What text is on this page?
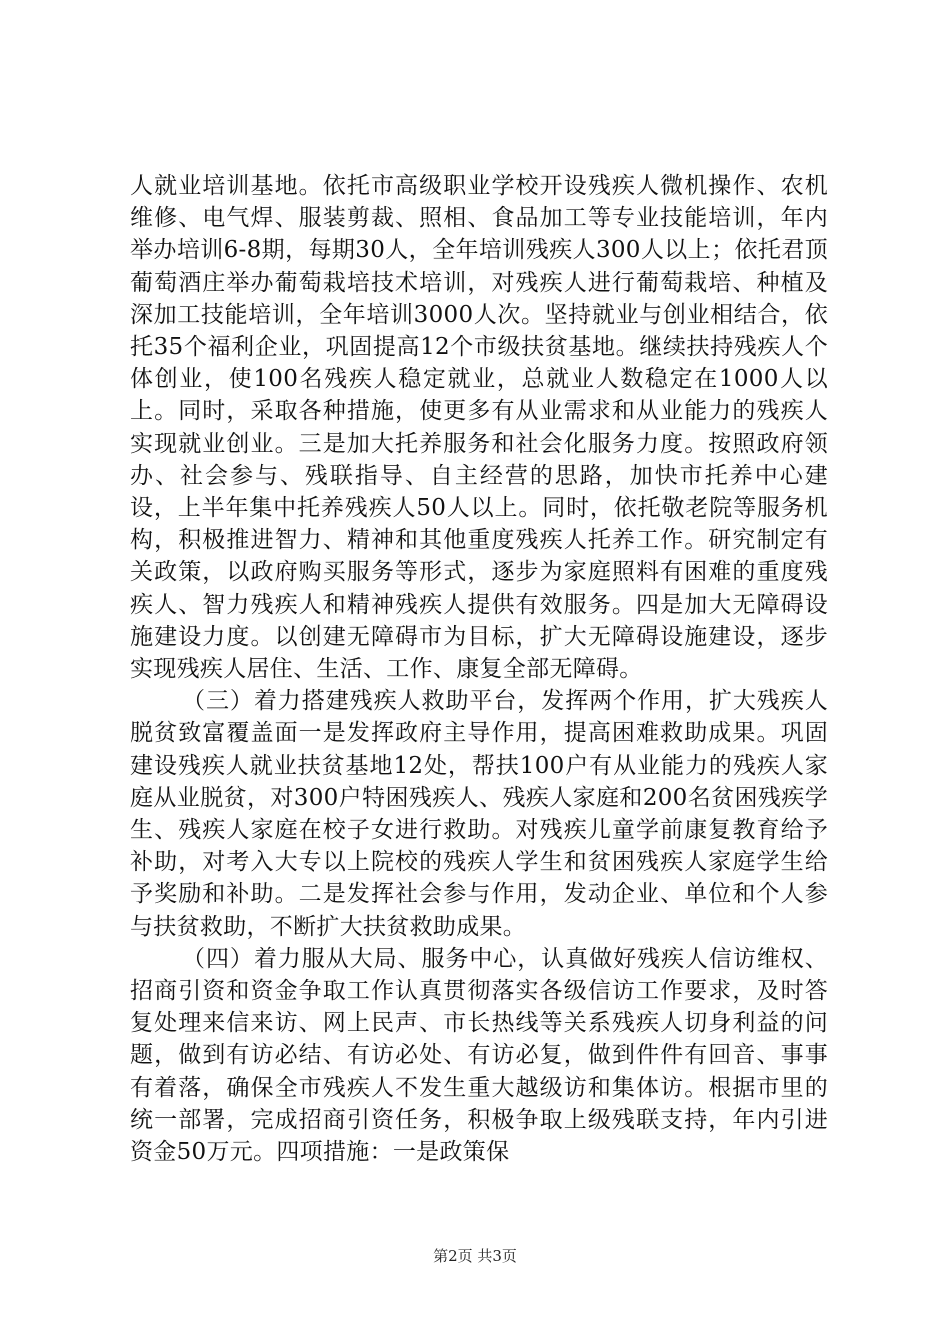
人就业培训基地。依托市高级职业学校开设残疾人微机操作、农机维修、电气焊、服装剪裁、照相、食品加工等专业技能培训，年内举办培训6-8期，每期30人，全年培训残疾人300人以上；依托君顶葡萄酒庄举办葡萄栽培技术培训，对残疾人进行葡萄栽培、种植及深加工技能培训，全年培训3000人次。坚持就业与创业相结合，依托35个福利企业，巩固提高12个市级扶贫基地。继续扶持残疾人个体创业，使100名残疾人稳定就业，总就业人数稳定在1000人以上。同时，采取各种措施，使更多有从业需求和从业能力的残疾人实现就业创业。三是加大托养服务和社会化服务力度。按照政府领办、社会参与、残联指导、自主经营的思路，加快市托养中心建设，上半年集中托养残疾人50人以上。同时，依托敬老院等服务机构，积极推进智力、精神和其他重度残疾人托养工作。研究制定有关政策，以政府购买服务等形式，逐步为家庭照料有困难的重度残疾人、智力残疾人和精神残疾人提供有效服务。四是加大无障碍设施建设力度。以创建无障碍市为目标，扩大无障碍设施建设，逐步实现残疾人居住、生活、工作、康复全部无障碍。

（三）着力搭建残疾人救助平台，发挥两个作用，扩大残疾人脱贫致富覆盖面一是发挥政府主导作用，提高困难救助成果。巩固建设残疾人就业扶贫基地12处，帮扶100户有从业能力的残疾人家庭从业脱贫，对300户特困残疾人、残疾人家庭和200名贫困残疾学生、残疾人家庭在校子女进行救助。对残疾儿童学前康复教育给予补助，对考入大专以上院校的残疾人学生和贫困残疾人家庭学生给予奖励和补助。二是发挥社会参与作用，发动企业、单位和个人参与扶贫救助，不断扩大扶贫救助成果。

（四）着力服从大局、服务中心，认真做好残疾人信访维权、招商引资和资金争取工作认真贯彻落实各级信访工作要求，及时答复处理来信来访、网上民声、市长热线等关系残疾人切身利益的问题，做到有访必结、有访必处、有访必复，做到件件有回音、事事有着落，确保全市残疾人不发生重大越级访和集体访。根据市里的统一部署，完成招商引资任务，积极争取上级残联支持，年内引进资金50万元。四项措施：一是政策保

第2页 共3页
